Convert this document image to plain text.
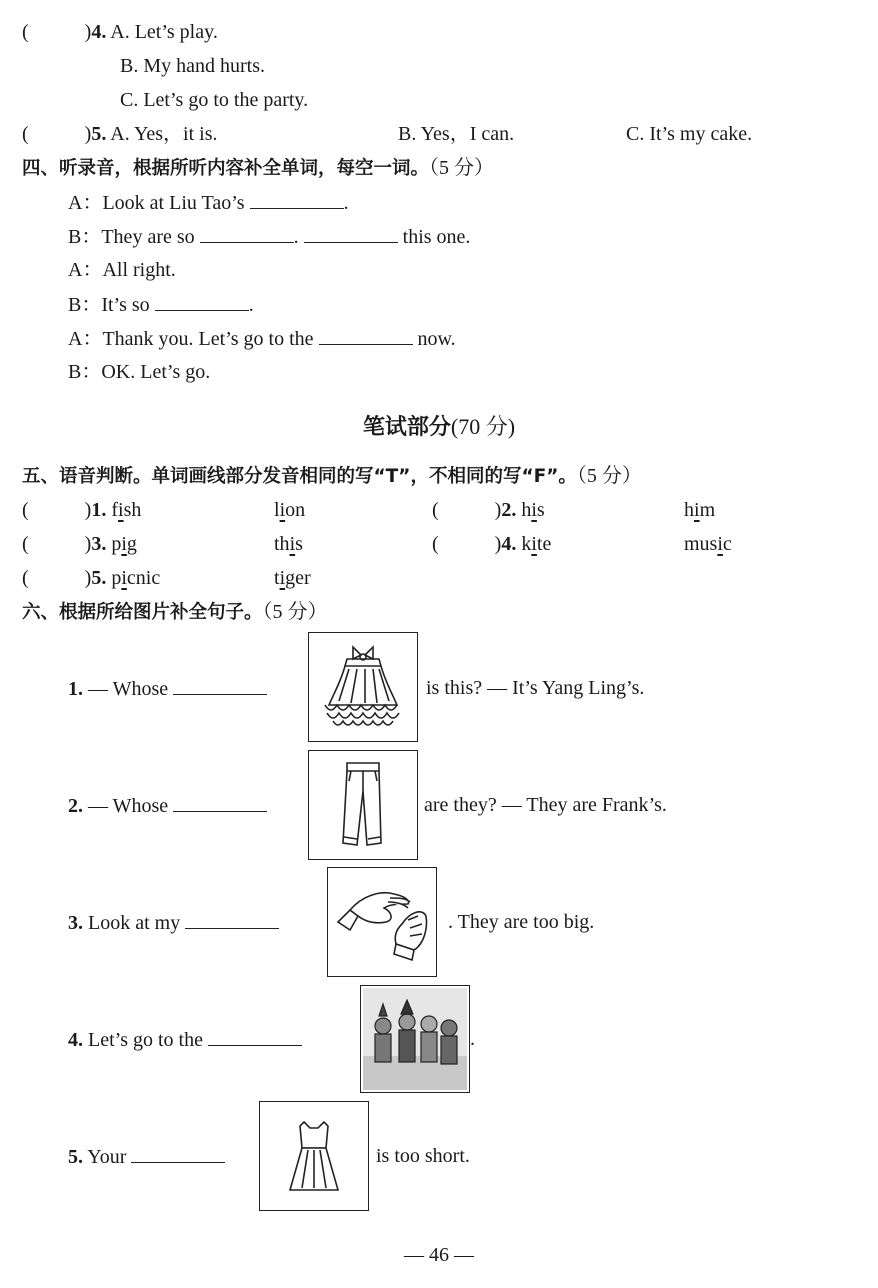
(	)4. A. Let’s play.
B. My hand hurts.
C. Let’s go to the party.
(	)5. A. Yes，it is.	B. Yes，I can.	C. It’s my cake.
四、听录音，根据所听内容补全单词，每空一词。（5 分）
A：Look at Liu Tao’s	.
B：They are so	.	this one.
A：All right.
B：It’s so	.
A：Thank you. Let’s go to the	now.
B：OK. Let’s go.
笔试部分(70 分)
五、语音判断。单词画线部分发音相同的写“T”，不相同的写“F”。（5 分）
(	)1. fish	lion	(	)2. his	him
(	)3. pig	this	(	)4. kite	music
(	)5. picnic	tiger
六、根据所给图片补全句子。（5 分）
1. — Whose	is this? — It’s Yang Ling’s.
2. — Whose	are they? — They are Frank’s.
3. Look at my	. They are too big.
4. Let’s go to the	.
5. Your	is too short.
— 46 —
